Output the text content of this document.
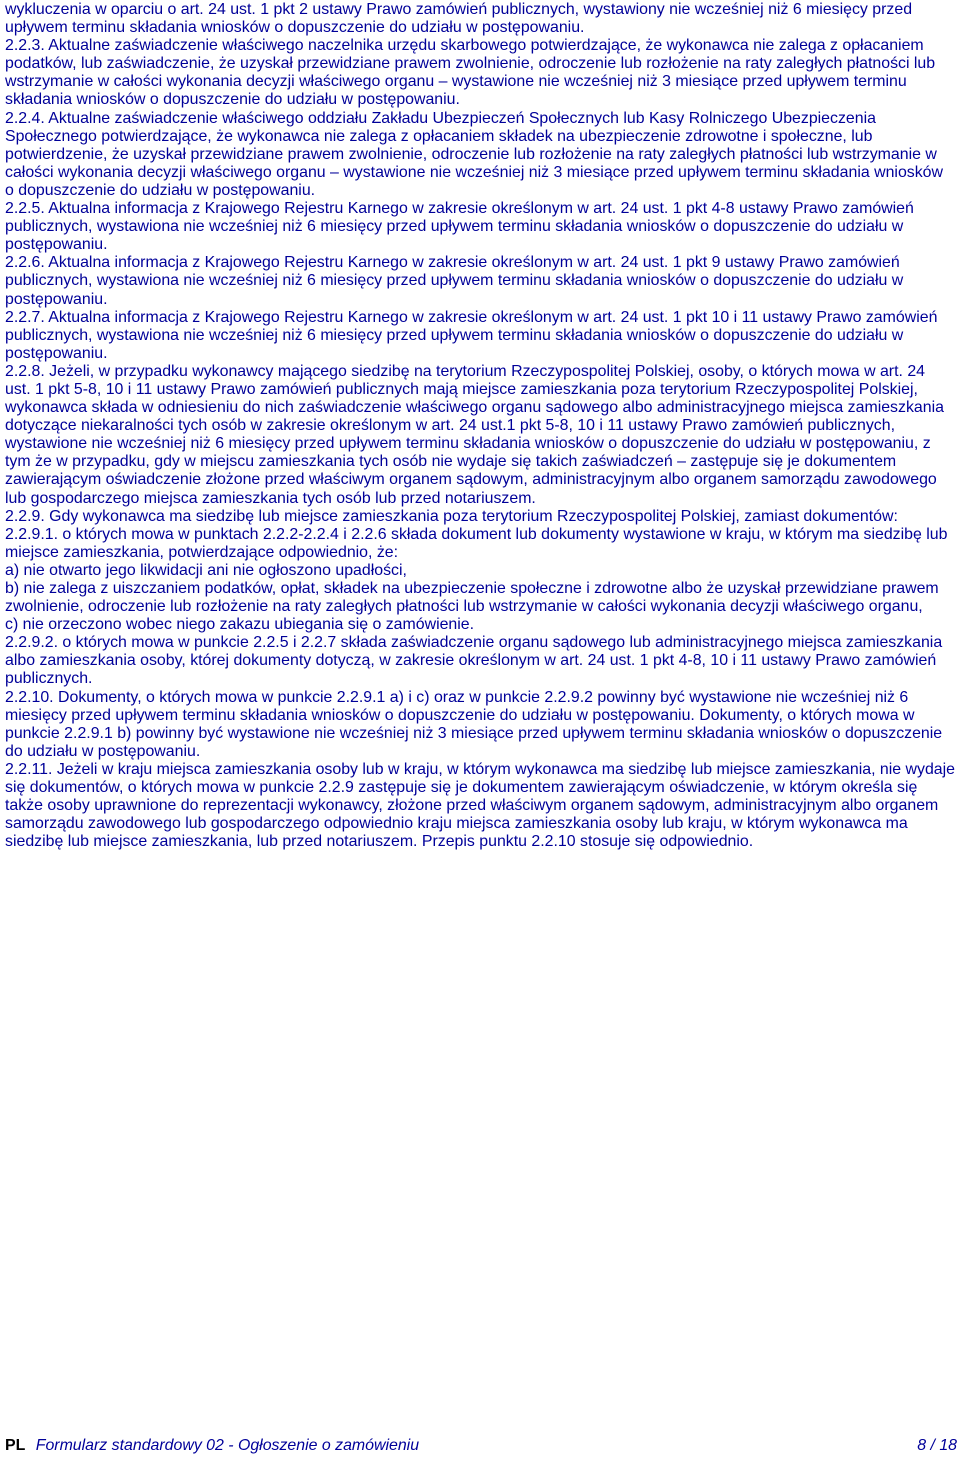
wykluczenia w oparciu o art. 24 ust. 1 pkt 2 ustawy Prawo zamówień publicznych, wystawiony nie wcześniej niż 6 miesięcy przed upływem terminu składania wniosków o dopuszczenie do udziału w postępowaniu.

2.2.3. Aktualne zaświadczenie właściwego naczelnika urzędu skarbowego potwierdzające, że wykonawca nie zalega z opłacaniem podatków, lub zaświadczenie, że uzyskał przewidziane prawem zwolnienie, odroczenie lub rozłożenie na raty zaległych płatności lub wstrzymanie w całości wykonania decyzji właściwego organu – wystawione nie wcześniej niż 3 miesiące przed upływem terminu składania wniosków o dopuszczenie do udziału w postępowaniu.

2.2.4. Aktualne zaświadczenie właściwego oddziału Zakładu Ubezpieczeń Społecznych lub Kasy Rolniczego Ubezpieczenia Społecznego potwierdzające, że wykonawca nie zalega z opłacaniem składek na ubezpieczenie zdrowotne i społeczne, lub potwierdzenie, że uzyskał przewidziane prawem zwolnienie, odroczenie lub rozłożenie na raty zaległych płatności lub wstrzymanie w całości wykonania decyzji właściwego organu – wystawione nie wcześniej niż 3 miesiące przed upływem terminu składania wniosków o dopuszczenie do udziału w postępowaniu.

2.2.5. Aktualna informacja z Krajowego Rejestru Karnego w zakresie określonym w art. 24 ust. 1 pkt 4-8 ustawy Prawo zamówień publicznych, wystawiona nie wcześniej niż 6 miesięcy przed upływem terminu składania wniosków o dopuszczenie do udziału w postępowaniu.

2.2.6. Aktualna informacja z Krajowego Rejestru Karnego w zakresie określonym w art. 24 ust. 1 pkt 9 ustawy Prawo zamówień publicznych, wystawiona nie wcześniej niż 6 miesięcy przed upływem terminu składania wniosków o dopuszczenie do udziału w postępowaniu.

2.2.7. Aktualna informacja z Krajowego Rejestru Karnego w zakresie określonym w art. 24 ust. 1 pkt 10 i 11 ustawy Prawo zamówień publicznych, wystawiona nie wcześniej niż 6 miesięcy przed upływem terminu składania wniosków o dopuszczenie do udziału w postępowaniu.

2.2.8. Jeżeli, w przypadku wykonawcy mającego siedzibę na terytorium Rzeczypospolitej Polskiej, osoby, o których mowa w art. 24 ust. 1 pkt 5-8, 10 i 11 ustawy Prawo zamówień publicznych mają miejsce zamieszkania poza terytorium Rzeczypospolitej Polskiej, wykonawca składa w odniesieniu do nich zaświadczenie właściwego organu sądowego albo administracyjnego miejsca zamieszkania dotyczące niekaralności tych osób w zakresie określonym w art. 24 ust.1 pkt 5-8, 10 i 11 ustawy Prawo zamówień publicznych, wystawione nie wcześniej niż 6 miesięcy przed upływem terminu składania wniosków o dopuszczenie do udziału w postępowaniu, z tym że w przypadku, gdy w miejscu zamieszkania tych osób nie wydaje się takich zaświadczeń – zastępuje się je dokumentem zawierającym oświadczenie złożone przed właściwym organem sądowym, administracyjnym albo organem samorządu zawodowego lub gospodarczego miejsca zamieszkania tych osób lub przed notariuszem.

2.2.9. Gdy wykonawca ma siedzibę lub miejsce zamieszkania poza terytorium Rzeczypospolitej Polskiej, zamiast dokumentów:

2.2.9.1. o których mowa w punktach 2.2.2-2.2.4 i 2.2.6 składa dokument lub dokumenty wystawione w kraju, w którym ma siedzibę lub miejsce zamieszkania, potwierdzające odpowiednio, że:

a) nie otwarto jego likwidacji ani nie ogłoszono upadłości,

b) nie zalega z uiszczaniem podatków, opłat, składek na ubezpieczenie społeczne i zdrowotne albo że uzyskał przewidziane prawem zwolnienie, odroczenie lub rozłożenie na raty zaległych płatności lub wstrzymanie w całości wykonania decyzji właściwego organu,

c) nie orzeczono wobec niego zakazu ubiegania się o zamówienie.

2.2.9.2. o których mowa w punkcie 2.2.5 i 2.2.7 składa zaświadczenie organu sądowego lub administracyjnego miejsca zamieszkania albo zamieszkania osoby, której dokumenty dotyczą, w zakresie określonym w art. 24 ust. 1 pkt 4-8, 10 i 11 ustawy Prawo zamówień publicznych.

2.2.10. Dokumenty, o których mowa w punkcie 2.2.9.1 a) i c) oraz w punkcie 2.2.9.2 powinny być wystawione nie wcześniej niż 6 miesięcy przed upływem terminu składania wniosków o dopuszczenie do udziału w postępowaniu. Dokumenty, o których mowa w punkcie 2.2.9.1 b) powinny być wystawione nie wcześniej niż 3 miesiące przed upływem terminu składania wniosków o dopuszczenie do udziału w postępowaniu.

2.2.11. Jeżeli w kraju miejsca zamieszkania osoby lub w kraju, w którym wykonawca ma siedzibę lub miejsce zamieszkania, nie wydaje się dokumentów, o których mowa w punkcie 2.2.9 zastępuje się je dokumentem zawierającym oświadczenie, w którym określa się także osoby uprawnione do reprezentacji wykonawcy, złożone przed właściwym organem sądowym, administracyjnym albo organem samorządu zawodowego lub gospodarczego odpowiednio kraju miejsca zamieszkania osoby lub kraju, w którym wykonawca ma siedzibę lub miejsce zamieszkania, lub przed notariuszem. Przepis punktu 2.2.10 stosuje się odpowiednio.

PL Formularz standardowy 02 - Ogłoszenie o zamówieniu	8 / 18
